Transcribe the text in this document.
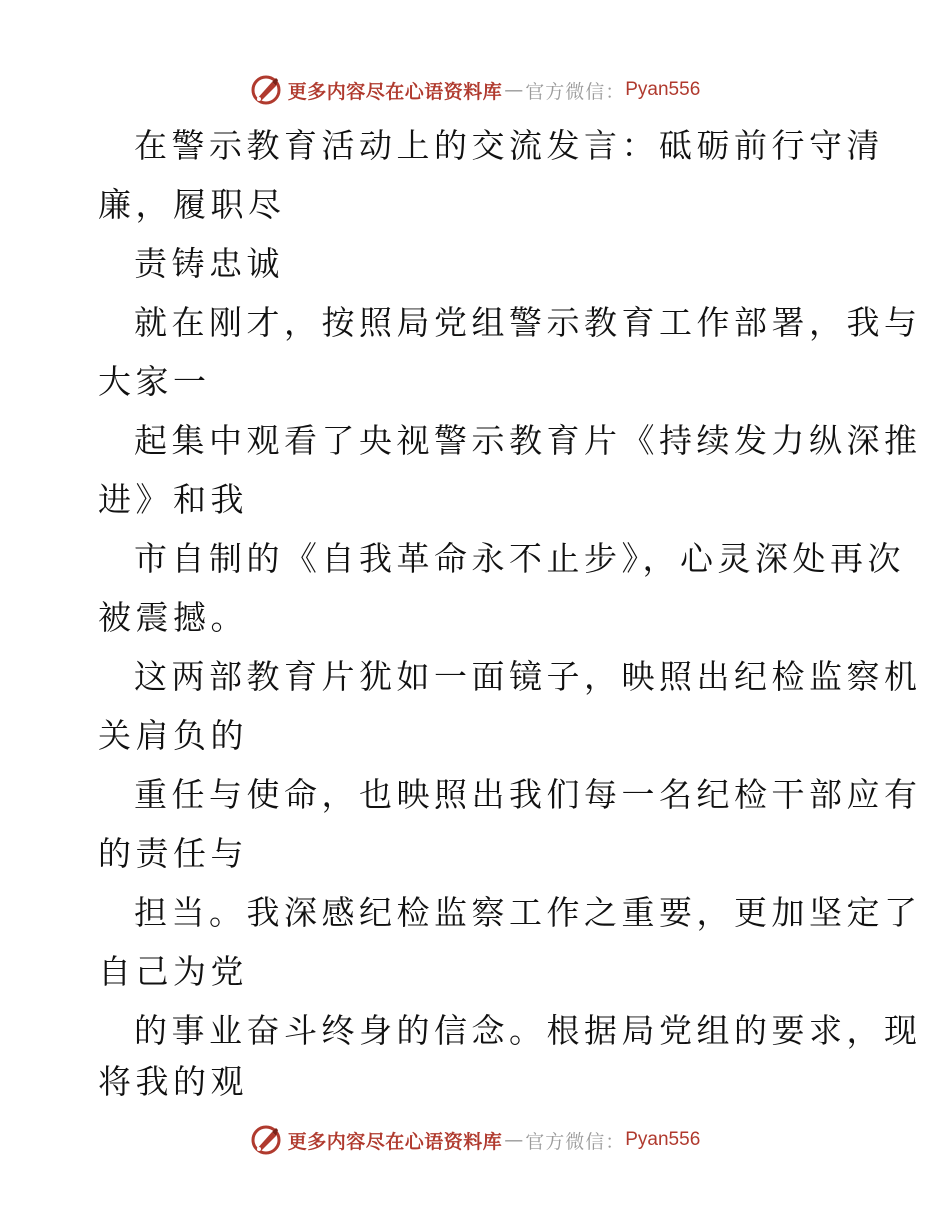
更多内容尽在心语资料库 — 官方微信： Pyan556
在警示教育活动上的交流发言：砥砺前行守清
廉，履职尽
责铸忠诚
就在刚才，按照局党组警示教育工作部署，我与
大家一
起集中观看了央视警示教育片《持续发力纵深推
进》和我
市自制的《自我革命永不止步》，心灵深处再次
被震撼。
这两部教育片犹如一面镜子，映照出纪检监察机
关肩负的
重任与使命，也映照出我们每一名纪检干部应有
的责任与
担当。我深感纪检监察工作之重要，更加坚定了
自己为党
的事业奋斗终身的信念。根据局党组的要求，现
将我的观
更多内容尽在心语资料库 — 官方微信： Pyan556
